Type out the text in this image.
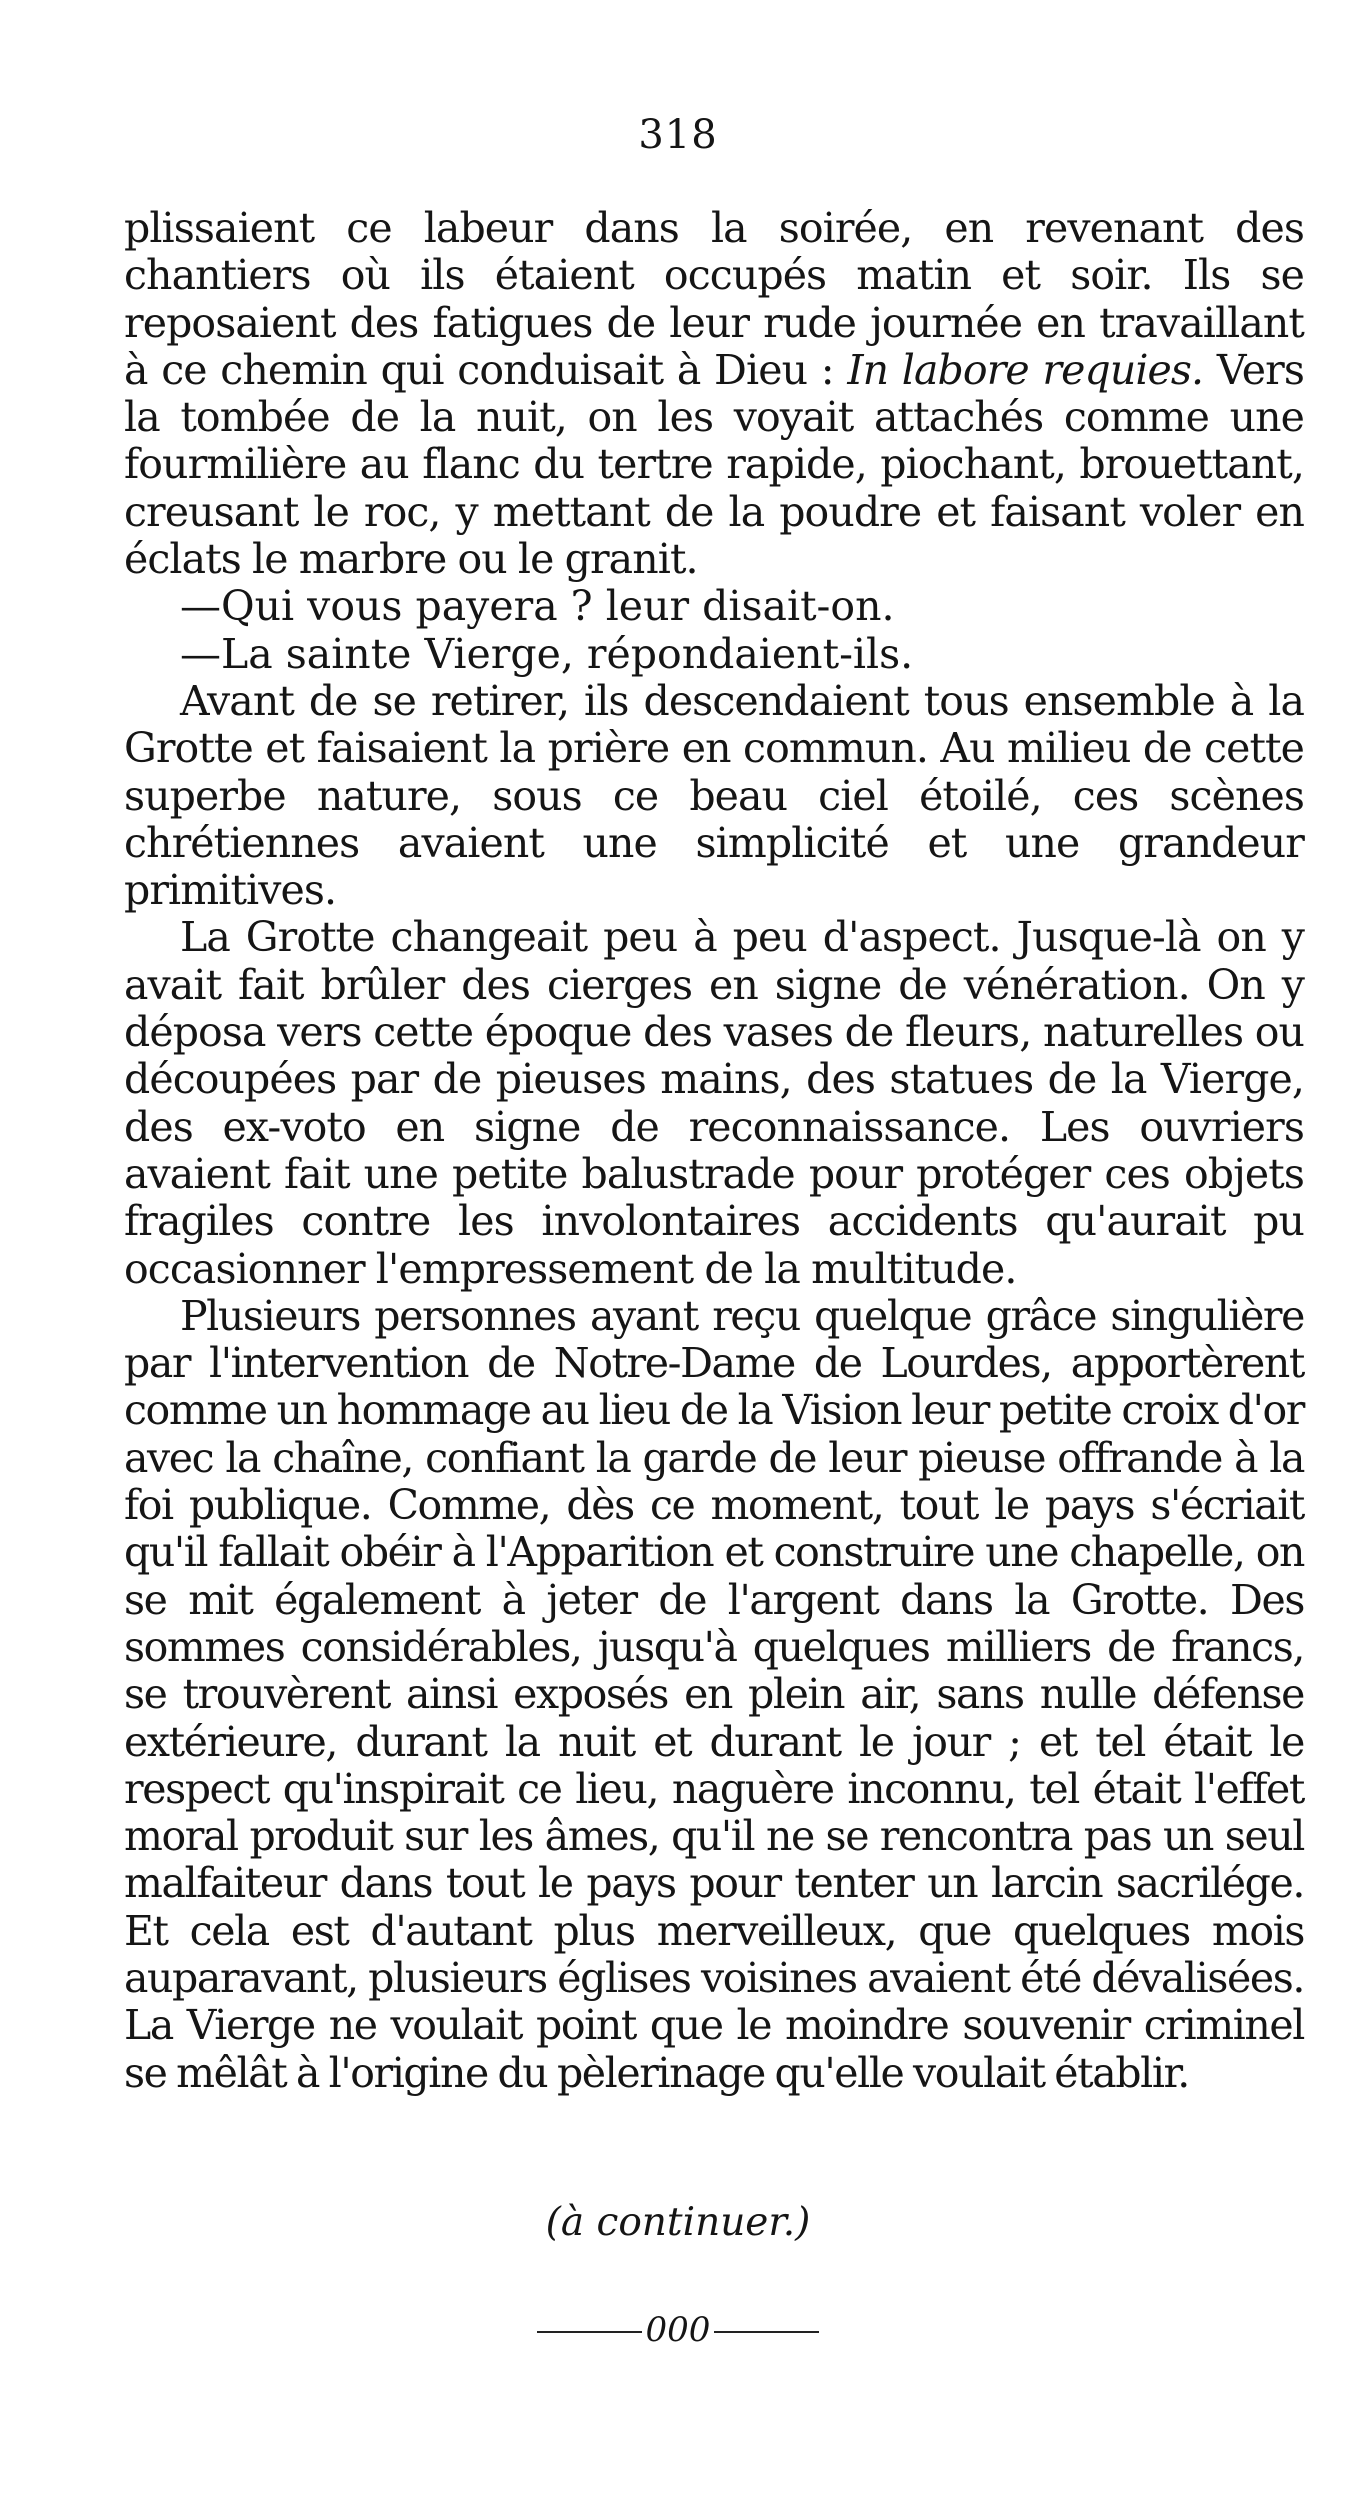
318

plissaient ce labeur dans la soirée, en revenant des chantiers où ils étaient occupés matin et soir. Ils se reposaient des fatigues de leur rude journée en travaillant à ce chemin qui conduisait à Dieu : In labore requies. Vers la tombée de la nuit, on les voyait attachés comme une fourmilière au flanc du tertre rapide, piochant, brouettant, creusant le roc, y mettant de la poudre et faisant voler en éclats le marbre ou le granit.

—Qui vous payera ? leur disait-on.

—La sainte Vierge, répondaient-ils.

Avant de se retirer, ils descendaient tous ensemble à la Grotte et faisaient la prière en commun. Au milieu de cette superbe nature, sous ce beau ciel étoilé, ces scènes chrétiennes avaient une simplicité et une grandeur primitives.

La Grotte changeait peu à peu d'aspect. Jusque-là on y avait fait brûler des cierges en signe de vénération. On y déposa vers cette époque des vases de fleurs, naturelles ou découpées par de pieuses mains, des statues de la Vierge, des ex-voto en signe de reconnaissance. Les ouvriers avaient fait une petite balustrade pour protéger ces objets fragiles contre les involontaires accidents qu'aurait pu occasionner l'empressement de la multitude.

Plusieurs personnes ayant reçu quelque grâce singulière par l'intervention de Notre-Dame de Lourdes, apportèrent comme un hommage au lieu de la Vision leur petite croix d'or avec la chaîne, confiant la garde de leur pieuse offrande à la foi publique. Comme, dès ce moment, tout le pays s'écriait qu'il fallait obéir à l'Apparition et construire une chapelle, on se mit également à jeter de l'argent dans la Grotte. Des sommes considérables, jusqu'à quelques milliers de francs, se trouvèrent ainsi exposés en plein air, sans nulle défense extérieure, durant la nuit et durant le jour ; et tel était le respect qu'inspirait ce lieu, naguère inconnu, tel était l'effet moral produit sur les âmes, qu'il ne se rencontra pas un seul malfaiteur dans tout le pays pour tenter un larcin sacrilége. Et cela est d'autant plus merveilleux, que quelques mois auparavant, plusieurs églises voisines avaient été dévalisées. La Vierge ne voulait point que le moindre souvenir criminel se mêlât à l'origine du pèlerinage qu'elle voulait établir.

(à continuer.)
000
